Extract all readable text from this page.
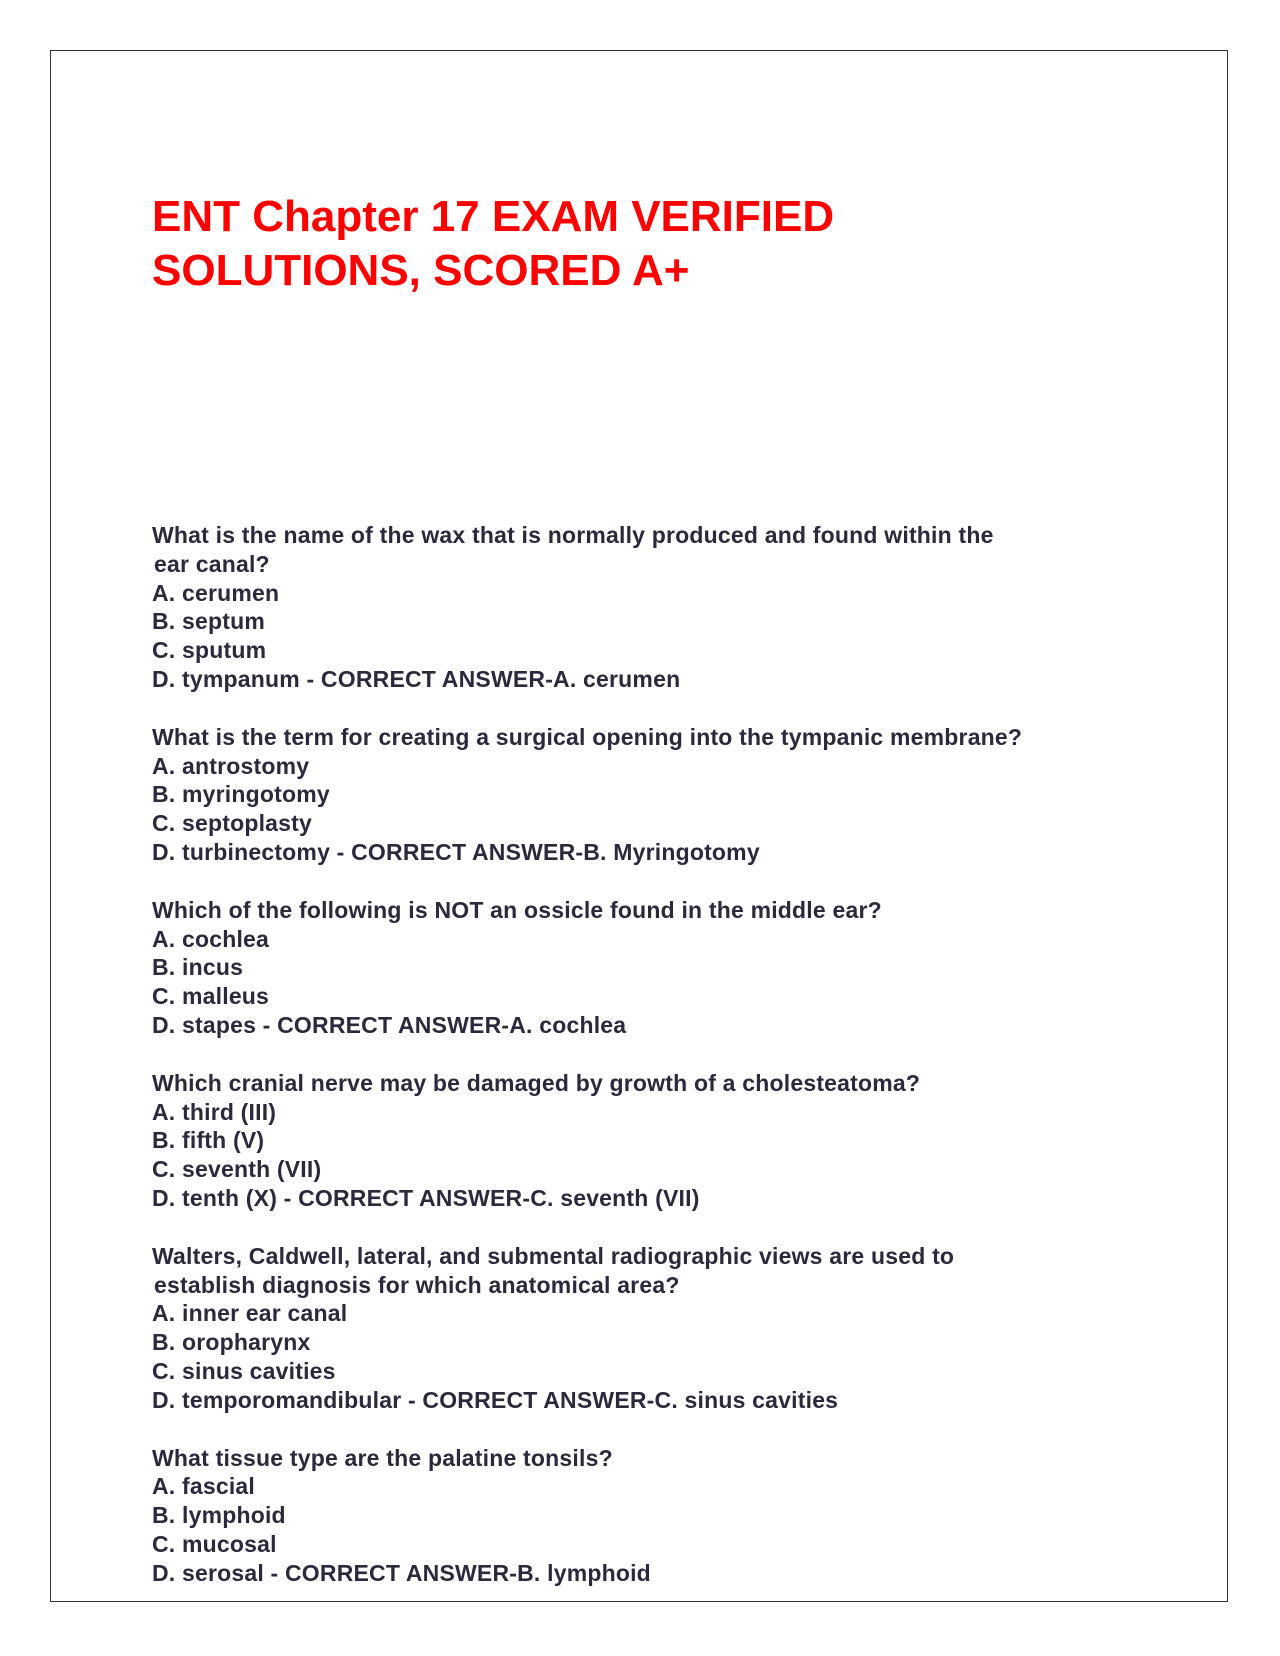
ENT Chapter 17 EXAM VERIFIED
SOLUTIONS, SCORED A+
What is the name of the wax that is normally produced and found within the
ear canal?
A. cerumen
B. septum
C. sputum
D. tympanum - CORRECT ANSWER-A. cerumen
What is the term for creating a surgical opening into the tympanic membrane?
A. antrostomy
B. myringotomy
C. septoplasty
D. turbinectomy - CORRECT ANSWER-B. Myringotomy
Which of the following is NOT an ossicle found in the middle ear?
A. cochlea
B. incus
C. malleus
D. stapes - CORRECT ANSWER-A. cochlea
Which cranial nerve may be damaged by growth of a cholesteatoma?
A. third (III)
B. fifth (V)
C. seventh (VII)
D. tenth (X) - CORRECT ANSWER-C. seventh (VII)
Walters, Caldwell, lateral, and submental radiographic views are used to
establish diagnosis for which anatomical area?
A. inner ear canal
B. oropharynx
C. sinus cavities
D. temporomandibular - CORRECT ANSWER-C. sinus cavities
What tissue type are the palatine tonsils?
A. fascial
B. lymphoid
C. mucosal
D. serosal - CORRECT ANSWER-B. lymphoid
